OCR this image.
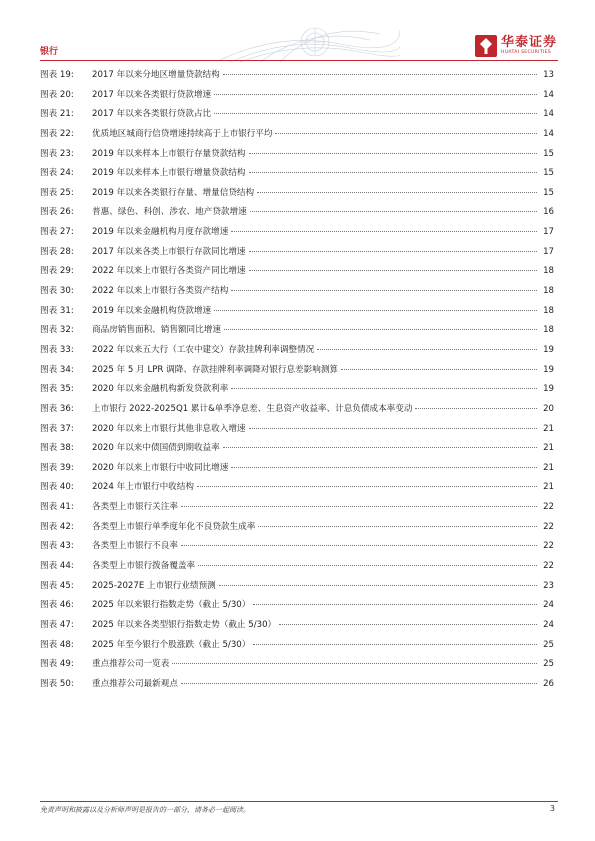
银行
华泰证券
HUATAI SECURITIES
图表 19:	2017 年以来分地区增量贷款结构	13
图表 20:	2017 年以来各类银行贷款增速	14
图表 21:	2017 年以来各类银行贷款占比	14
图表 22:	优质地区城商行信贷增速持续高于上市银行平均	14
图表 23:	2019 年以来样本上市银行存量贷款结构	15
图表 24:	2019 年以来样本上市银行增量贷款结构	15
图表 25:	2019 年以来各类银行存量、增量信贷结构	15
图表 26:	普惠、绿色、科创、涉农、地产贷款增速	16
图表 27:	2019 年以来金融机构月度存款增速	17
图表 28:	2017 年以来各类上市银行存款同比增速	17
图表 29:	2022 年以来上市银行各类资产同比增速	18
图表 30:	2022 年以来上市银行各类资产结构	18
图表 31:	2019 年以来金融机构贷款增速	18
图表 32:	商品房销售面积、销售额同比增速	18
图表 33:	2022 年以来五大行（工农中建交）存款挂牌利率调整情况	19
图表 34:	2025 年 5 月 LPR 调降、存款挂牌利率调降对银行息差影响测算	19
图表 35:	2020 年以来金融机构新发贷款利率	19
图表 36:	上市银行 2022-2025Q1 累计&单季净息差、生息资产收益率、计息负债成本率变动	20
图表 37:	2020 年以来上市银行其他非息收入增速	21
图表 38:	2020 年以来中债国债到期收益率	21
图表 39:	2020 年以来上市银行中收同比增速	21
图表 40:	2024 年上市银行中收结构	21
图表 41:	各类型上市银行关注率	22
图表 42:	各类型上市银行单季度年化不良贷款生成率	22
图表 43:	各类型上市银行不良率	22
图表 44:	各类型上市银行拨备覆盖率	22
图表 45:	2025-2027E 上市银行业绩预测	23
图表 46:	2025 年以来银行指数走势（截止 5/30）	24
图表 47:	2025 年以来各类型银行指数走势（截止 5/30）	24
图表 48:	2025 年至今银行个股涨跌（截止 5/30）	25
图表 49:	重点推荐公司一览表	25
图表 50:	重点推荐公司最新观点	26
免责声明和披露以及分析师声明是报告的一部分，请务必一起阅读。	3
